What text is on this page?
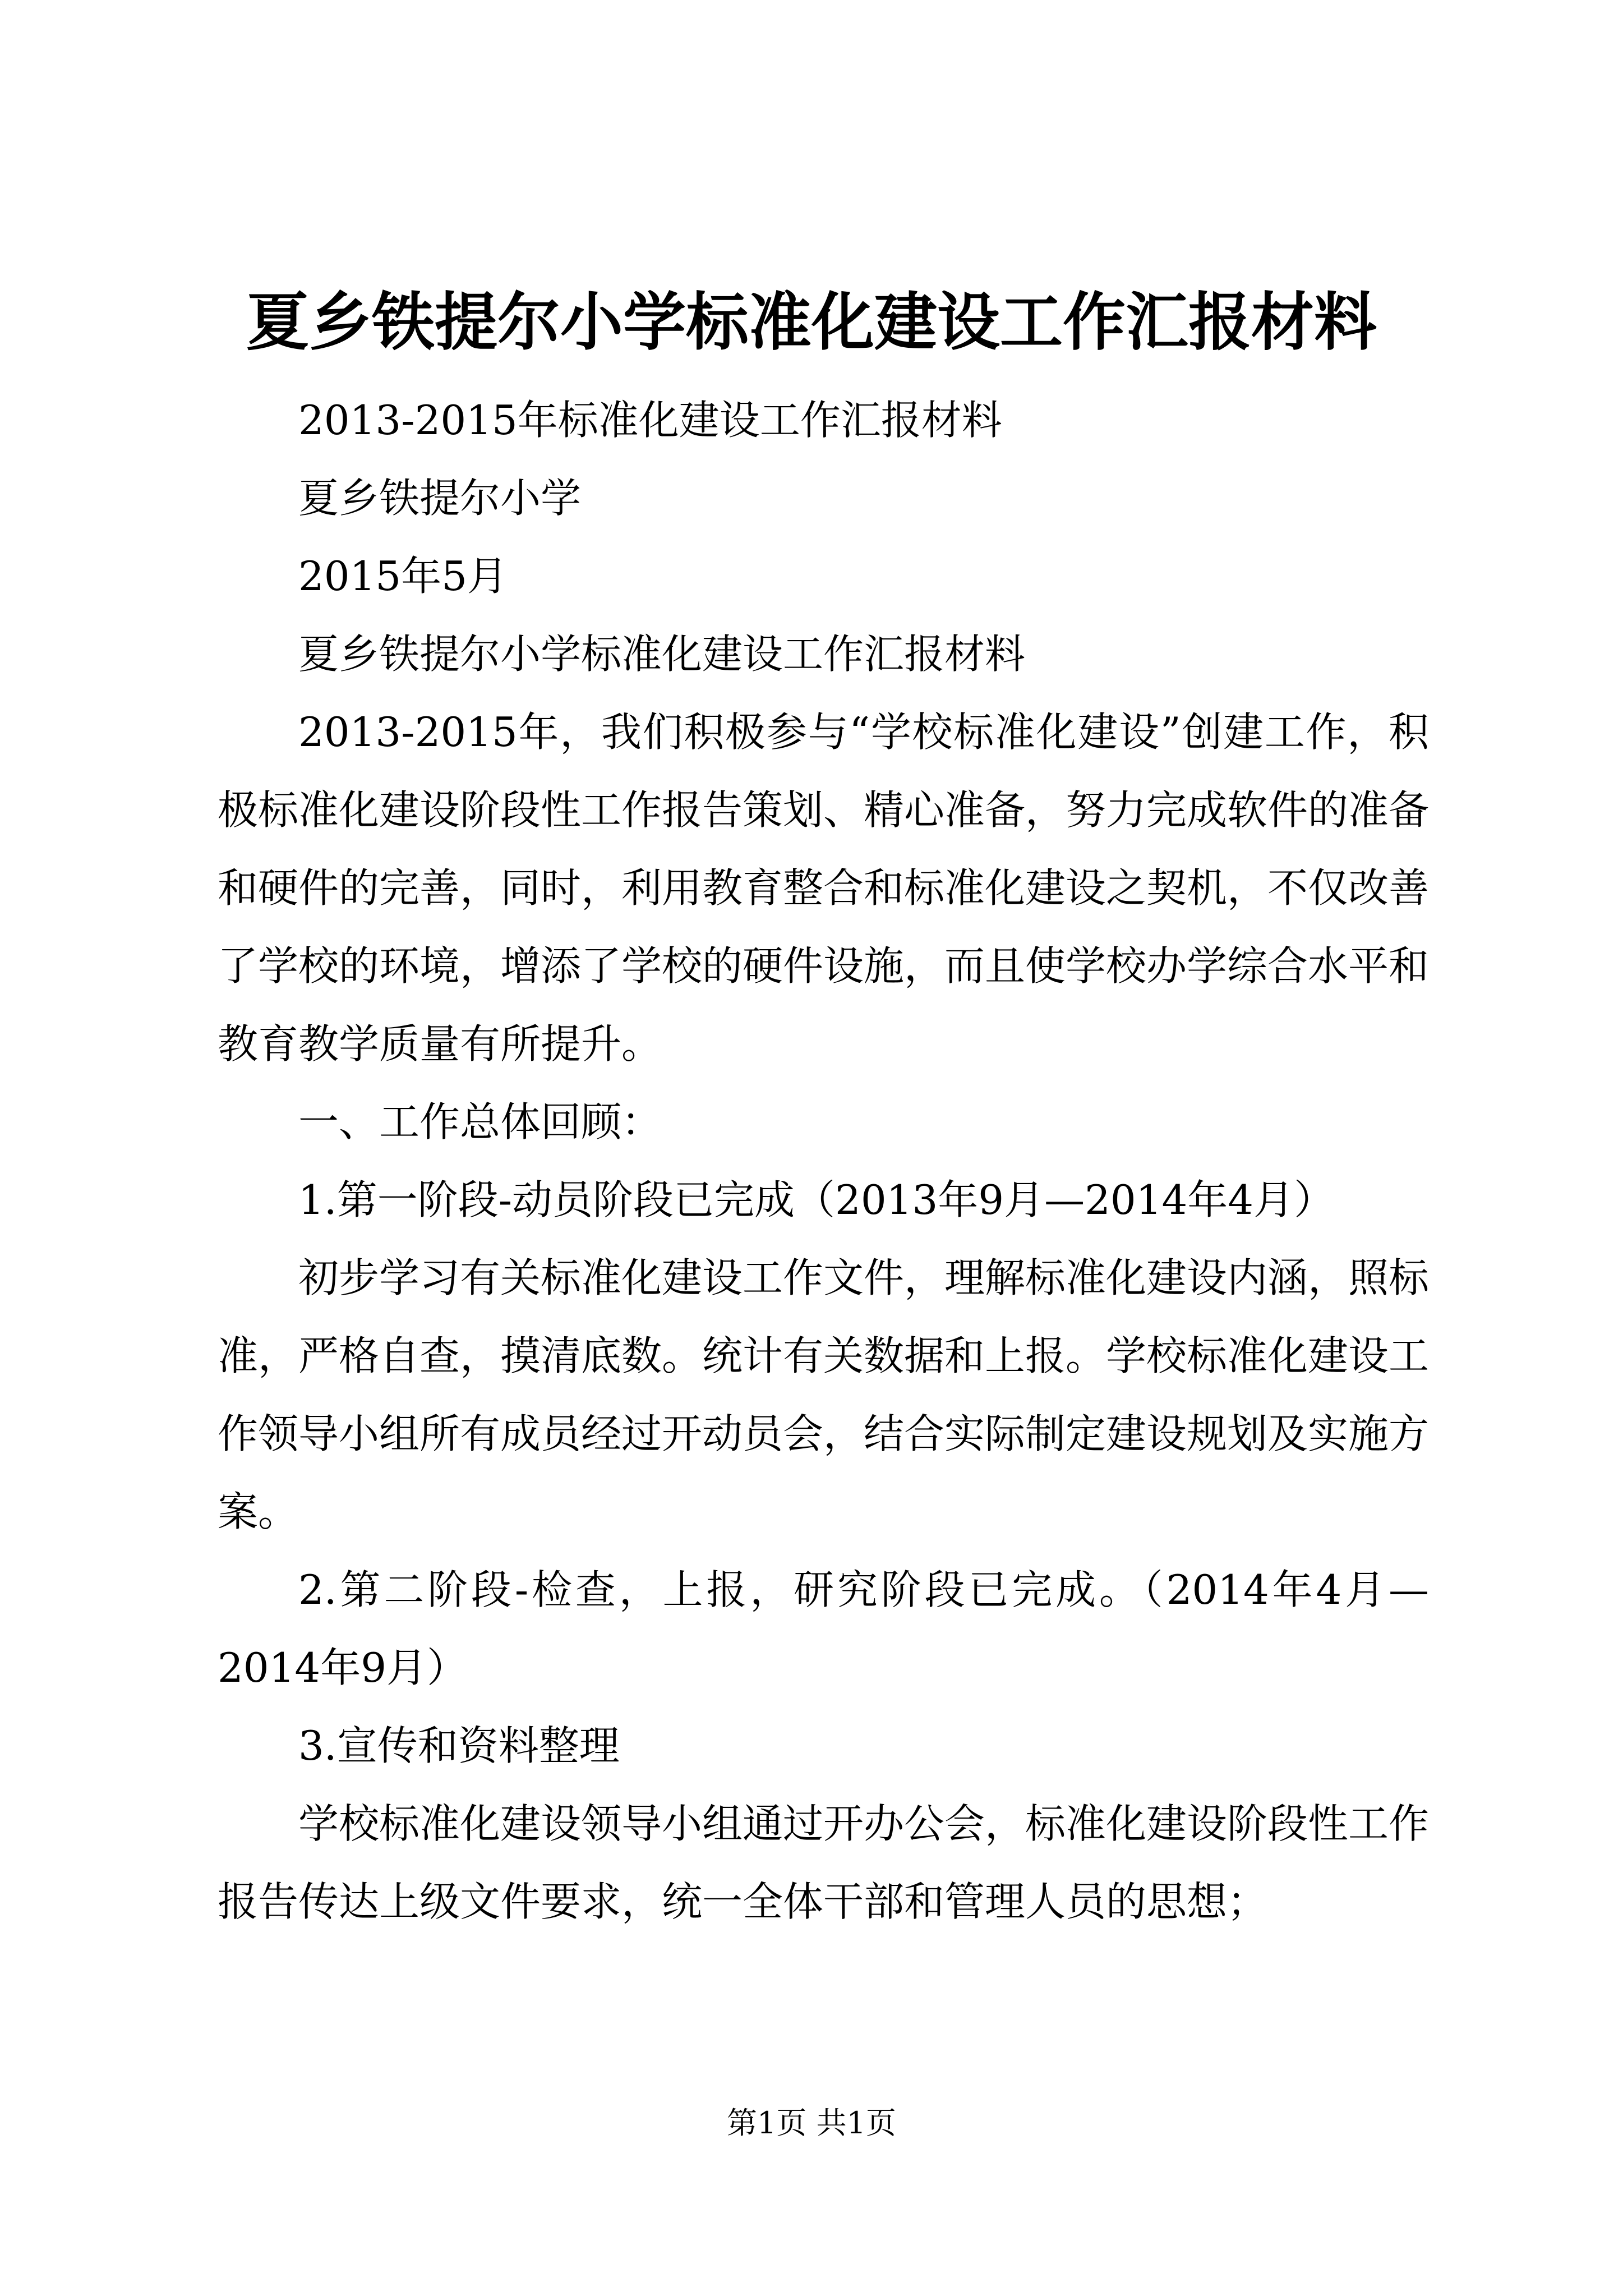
夏乡铁提尔小学标准化建设工作汇报材料

2013-2015年标准化建设工作汇报材料

夏乡铁提尔小学

2015年5月

夏乡铁提尔小学标准化建设工作汇报材料

2013-2015年，我们积极参与“学校标准化建设”创建工作，积极标准化建设阶段性工作报告策划、精心准备，努力完成软件的准备和硬件的完善，同时，利用教育整合和标准化建设之契机，不仅改善了学校的环境，增添了学校的硬件设施，而且使学校办学综合水平和教育教学质量有所提升。

一、工作总体回顾：

1.第一阶段-动员阶段已完成（2013年9月—2014年4月）

初步学习有关标准化建设工作文件，理解标准化建设内涵，照标准，严格自查，摸清底数。统计有关数据和上报。学校标准化建设工作领导小组所有成员经过开动员会，结合实际制定建设规划及实施方案。

2.第二阶段-检查，上报，研究阶段已完成。（2014年4月—2014年9月）

3.宣传和资料整理

学校标准化建设领导小组通过开办公会，标准化建设阶段性工作报告传达上级文件要求，统一全体干部和管理人员的思想；

第1页 共1页
